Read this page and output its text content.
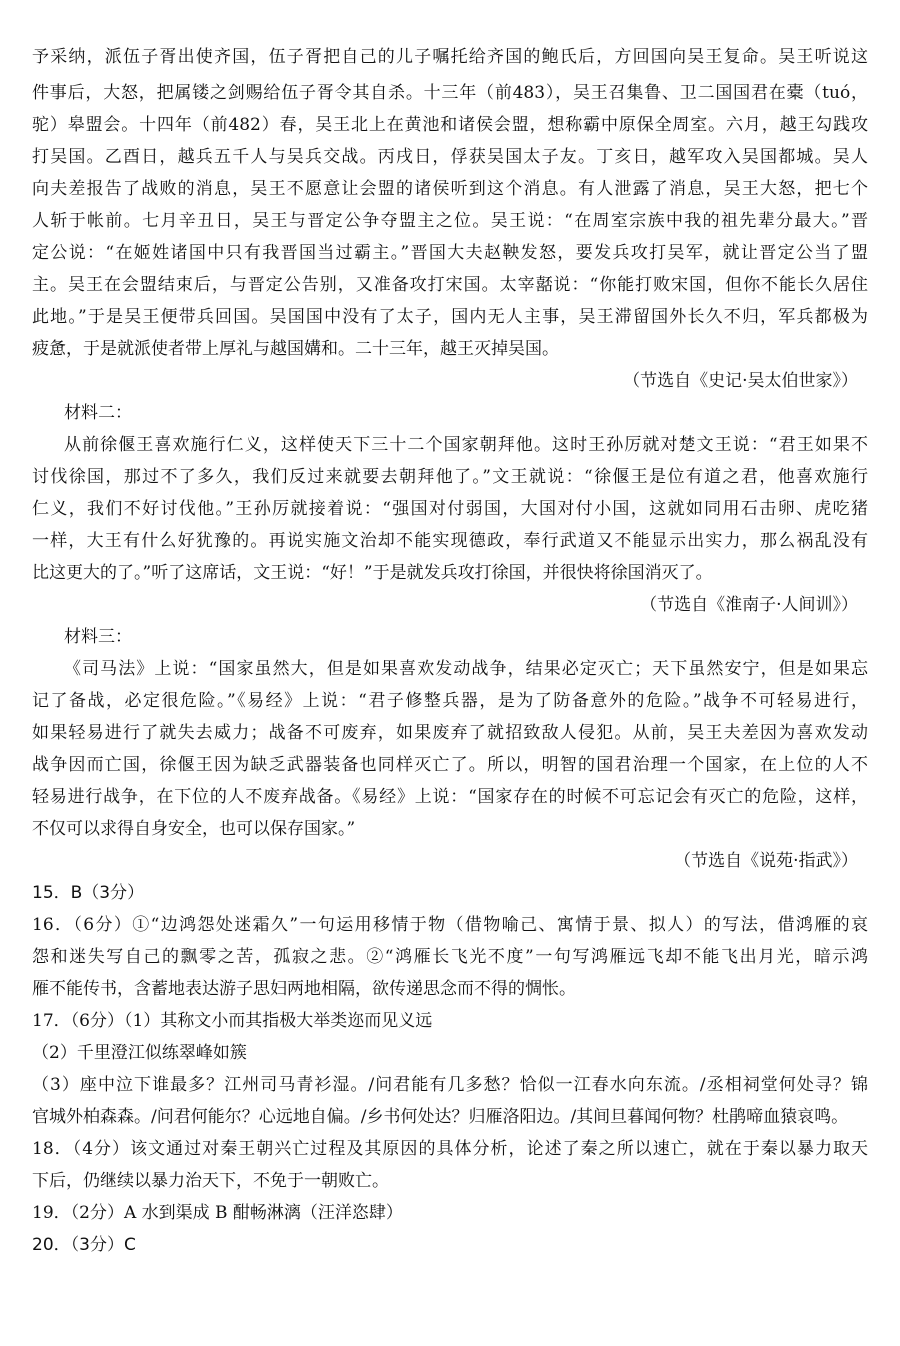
予采纳，派伍子胥出使齐国，伍子胥把自己的儿子嘱托给齐国的鲍氏后，方回国向吴王复命。吴王听说这
件事后，大怒，把属镂之剑赐给伍子胥令其自杀。十三年（前483），吴王召集鲁、卫二国国君在橐（tuó，
驼）皋盟会。十四年（前482）春，吴王北上在黄池和诸侯会盟，想称霸中原保全周室。六月，越王勾践攻
打吴国。乙酉日，越兵五千人与吴兵交战。丙戌日，俘获吴国太子友。丁亥日，越军攻入吴国都城。吴人
向夫差报告了战败的消息，吴王不愿意让会盟的诸侯听到这个消息。有人泄露了消息，吴王大怒，把七个
人斩于帐前。七月辛丑日，吴王与晋定公争夺盟主之位。吴王说：“在周室宗族中我的祖先辈分最大。”晋
定公说：“在姬姓诸国中只有我晋国当过霸主。”晋国大夫赵鞅发怒，要发兵攻打吴军，就让晋定公当了盟
主。吴王在会盟结束后，与晋定公告别，又准备攻打宋国。太宰嚭说：“你能打败宋国，但你不能长久居住
此地。”于是吴王便带兵回国。吴国国中没有了太子，国内无人主事，吴王滞留国外长久不归，军兵都极为
疲惫，于是就派使者带上厚礼与越国媾和。二十三年，越王灭掉吴国。
（节选自《史记·吴太伯世家》）
材料二：
从前徐偃王喜欢施行仁义，这样使天下三十二个国家朝拜他。这时王孙厉就对楚文王说：“君王如果不
讨伐徐国，那过不了多久，我们反过来就要去朝拜他了。”文王就说：“徐偃王是位有道之君，他喜欢施行
仁义，我们不好讨伐他。”王孙厉就接着说：“强国对付弱国，大国对付小国，这就如同用石击卵、虎吃猪
一样，大王有什么好犹豫的。再说实施文治却不能实现德政，奉行武道又不能显示出实力，那么祸乱没有
比这更大的了。”听了这席话，文王说：“好！”于是就发兵攻打徐国，并很快将徐国消灭了。
（节选自《淮南子·人间训》）
材料三：
《司马法》上说：“国家虽然大，但是如果喜欢发动战争，结果必定灭亡；天下虽然安宁，但是如果忘
记了备战，必定很危险。”《易经》上说：“君子修整兵器，是为了防备意外的危险。”战争不可轻易进行，
如果轻易进行了就失去威力；战备不可废弃，如果废弃了就招致敌人侵犯。从前，吴王夫差因为喜欢发动
战争因而亡国，徐偃王因为缺乏武器装备也同样灭亡了。所以，明智的国君治理一个国家，在上位的人不
轻易进行战争，在下位的人不废弃战备。《易经》上说：“国家存在的时候不可忘记会有灭亡的危险，这样，
不仅可以求得自身安全，也可以保存国家。”
（节选自《说苑·指武》）
15．B（3分）
16．（6分）①“边鸿怨处迷霜久”一句运用移情于物（借物喻己、寓情于景、拟人）的写法，借鸿雁的哀
怨和迷失写自己的飘零之苦，孤寂之悲。②“鸿雁长飞光不度”一句写鸿雁远飞却不能飞出月光，暗示鸿
雁不能传书，含蓄地表达游子思妇两地相隔，欲传递思念而不得的惆怅。
17．（6分）（1）其称文小而其指极大举类迩而见义远
（2）千里澄江似练翠峰如簇
（3）座中泣下谁最多？江州司马青衫湿。/问君能有几多愁？恰似一江春水向东流。/丞相祠堂何处寻？锦
官城外柏森森。/问君何能尔？心远地自偏。/乡书何处达？归雁洛阳边。/其间旦暮闻何物？杜鹃啼血猿哀鸣。
18．（4分）该文通过对秦王朝兴亡过程及其原因的具体分析，论述了秦之所以速亡，就在于秦以暴力取天
下后，仍继续以暴力治天下，不免于一朝败亡。
19．（2分）A 水到渠成 B 酣畅淋漓（汪洋恣肆）
20．（3分）C
